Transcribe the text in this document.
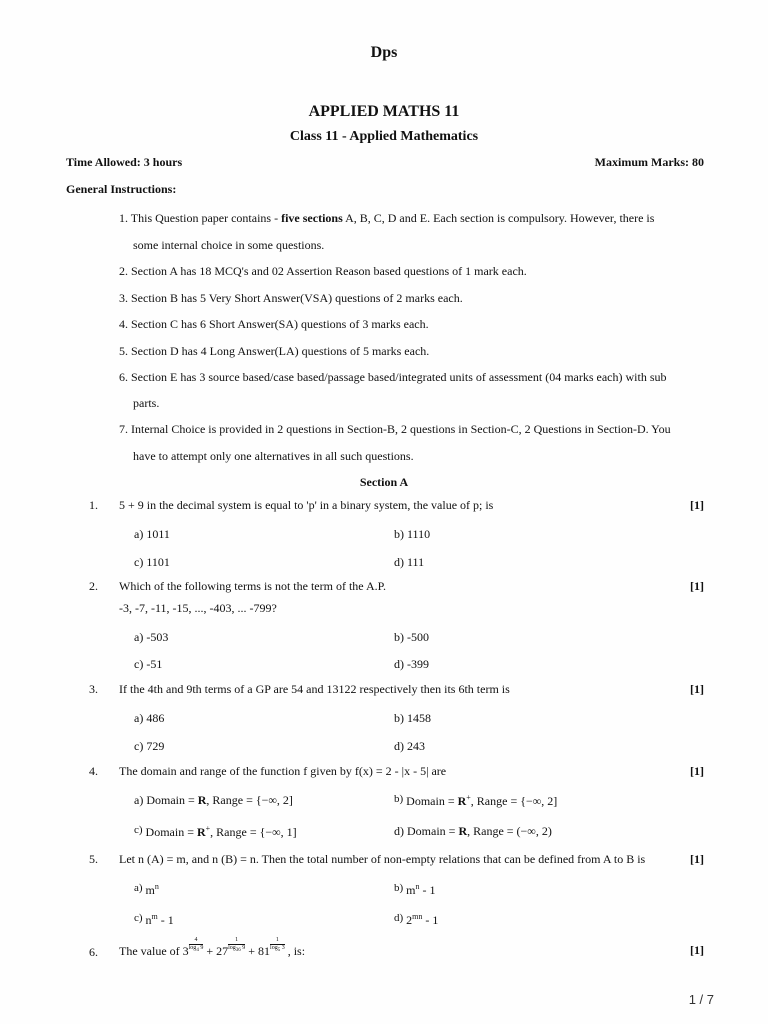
Dps
APPLIED MATHS 11
Class 11 - Applied Mathematics
Time Allowed: 3 hours	Maximum Marks: 80
General Instructions:
1. This Question paper contains - five sections A, B, C, D and E. Each section is compulsory. However, there is
some internal choice in some questions.
2. Section A has 18 MCQ's and 02 Assertion Reason based questions of 1 mark each.
3. Section B has 5 Very Short Answer(VSA) questions of 2 marks each.
4. Section C has 6 Short Answer(SA) questions of 3 marks each.
5. Section D has 4 Long Answer(LA) questions of 5 marks each.
6. Section E has 3 source based/case based/passage based/integrated units of assessment (04 marks each) with sub
parts.
7. Internal Choice is provided in 2 questions in Section-B, 2 questions in Section-C, 2 Questions in Section-D. You
have to attempt only one alternatives in all such questions.
Section A
1. 5 + 9 in the decimal system is equal to 'p' in a binary system, the value of p; is	[1]
a) 1011	b) 1110
c) 1101	d) 111
2. Which of the following terms is not the term of the A.P.
-3, -7, -11, -15, ..., -403, ... -799?
[1]
a) -503	b) -500
c) -51	d) -399
3. If the 4th and 9th terms of a GP are 54 and 13122 respectively then its 6th term is	[1]
a) 486	b) 1458
c) 729	d) 243
4. The domain and range of the function f given by f(x) = 2 - |x - 5| are	[1]
a) Domain = R, Range = {−∞, 2]	b) Domain = R+, Range = {−∞, 2]
c) Domain = R+, Range = {−∞, 1]	d) Domain = R, Range = (−∞, 2)
5. Let n (A) = m, and n (B) = n. Then the total number of non-empty relations that can be defined from A to B is	[1]
a) $m^n$	b) $m^n - 1$
c) $n^m - 1$	d) $2^{mn} - 1$
6. The value of 3
4
$\log_4 9 + 27$
1
$\log_{36} 9 + 81$
1
$\log_5 3$ , is:	[1]
1 / 7
